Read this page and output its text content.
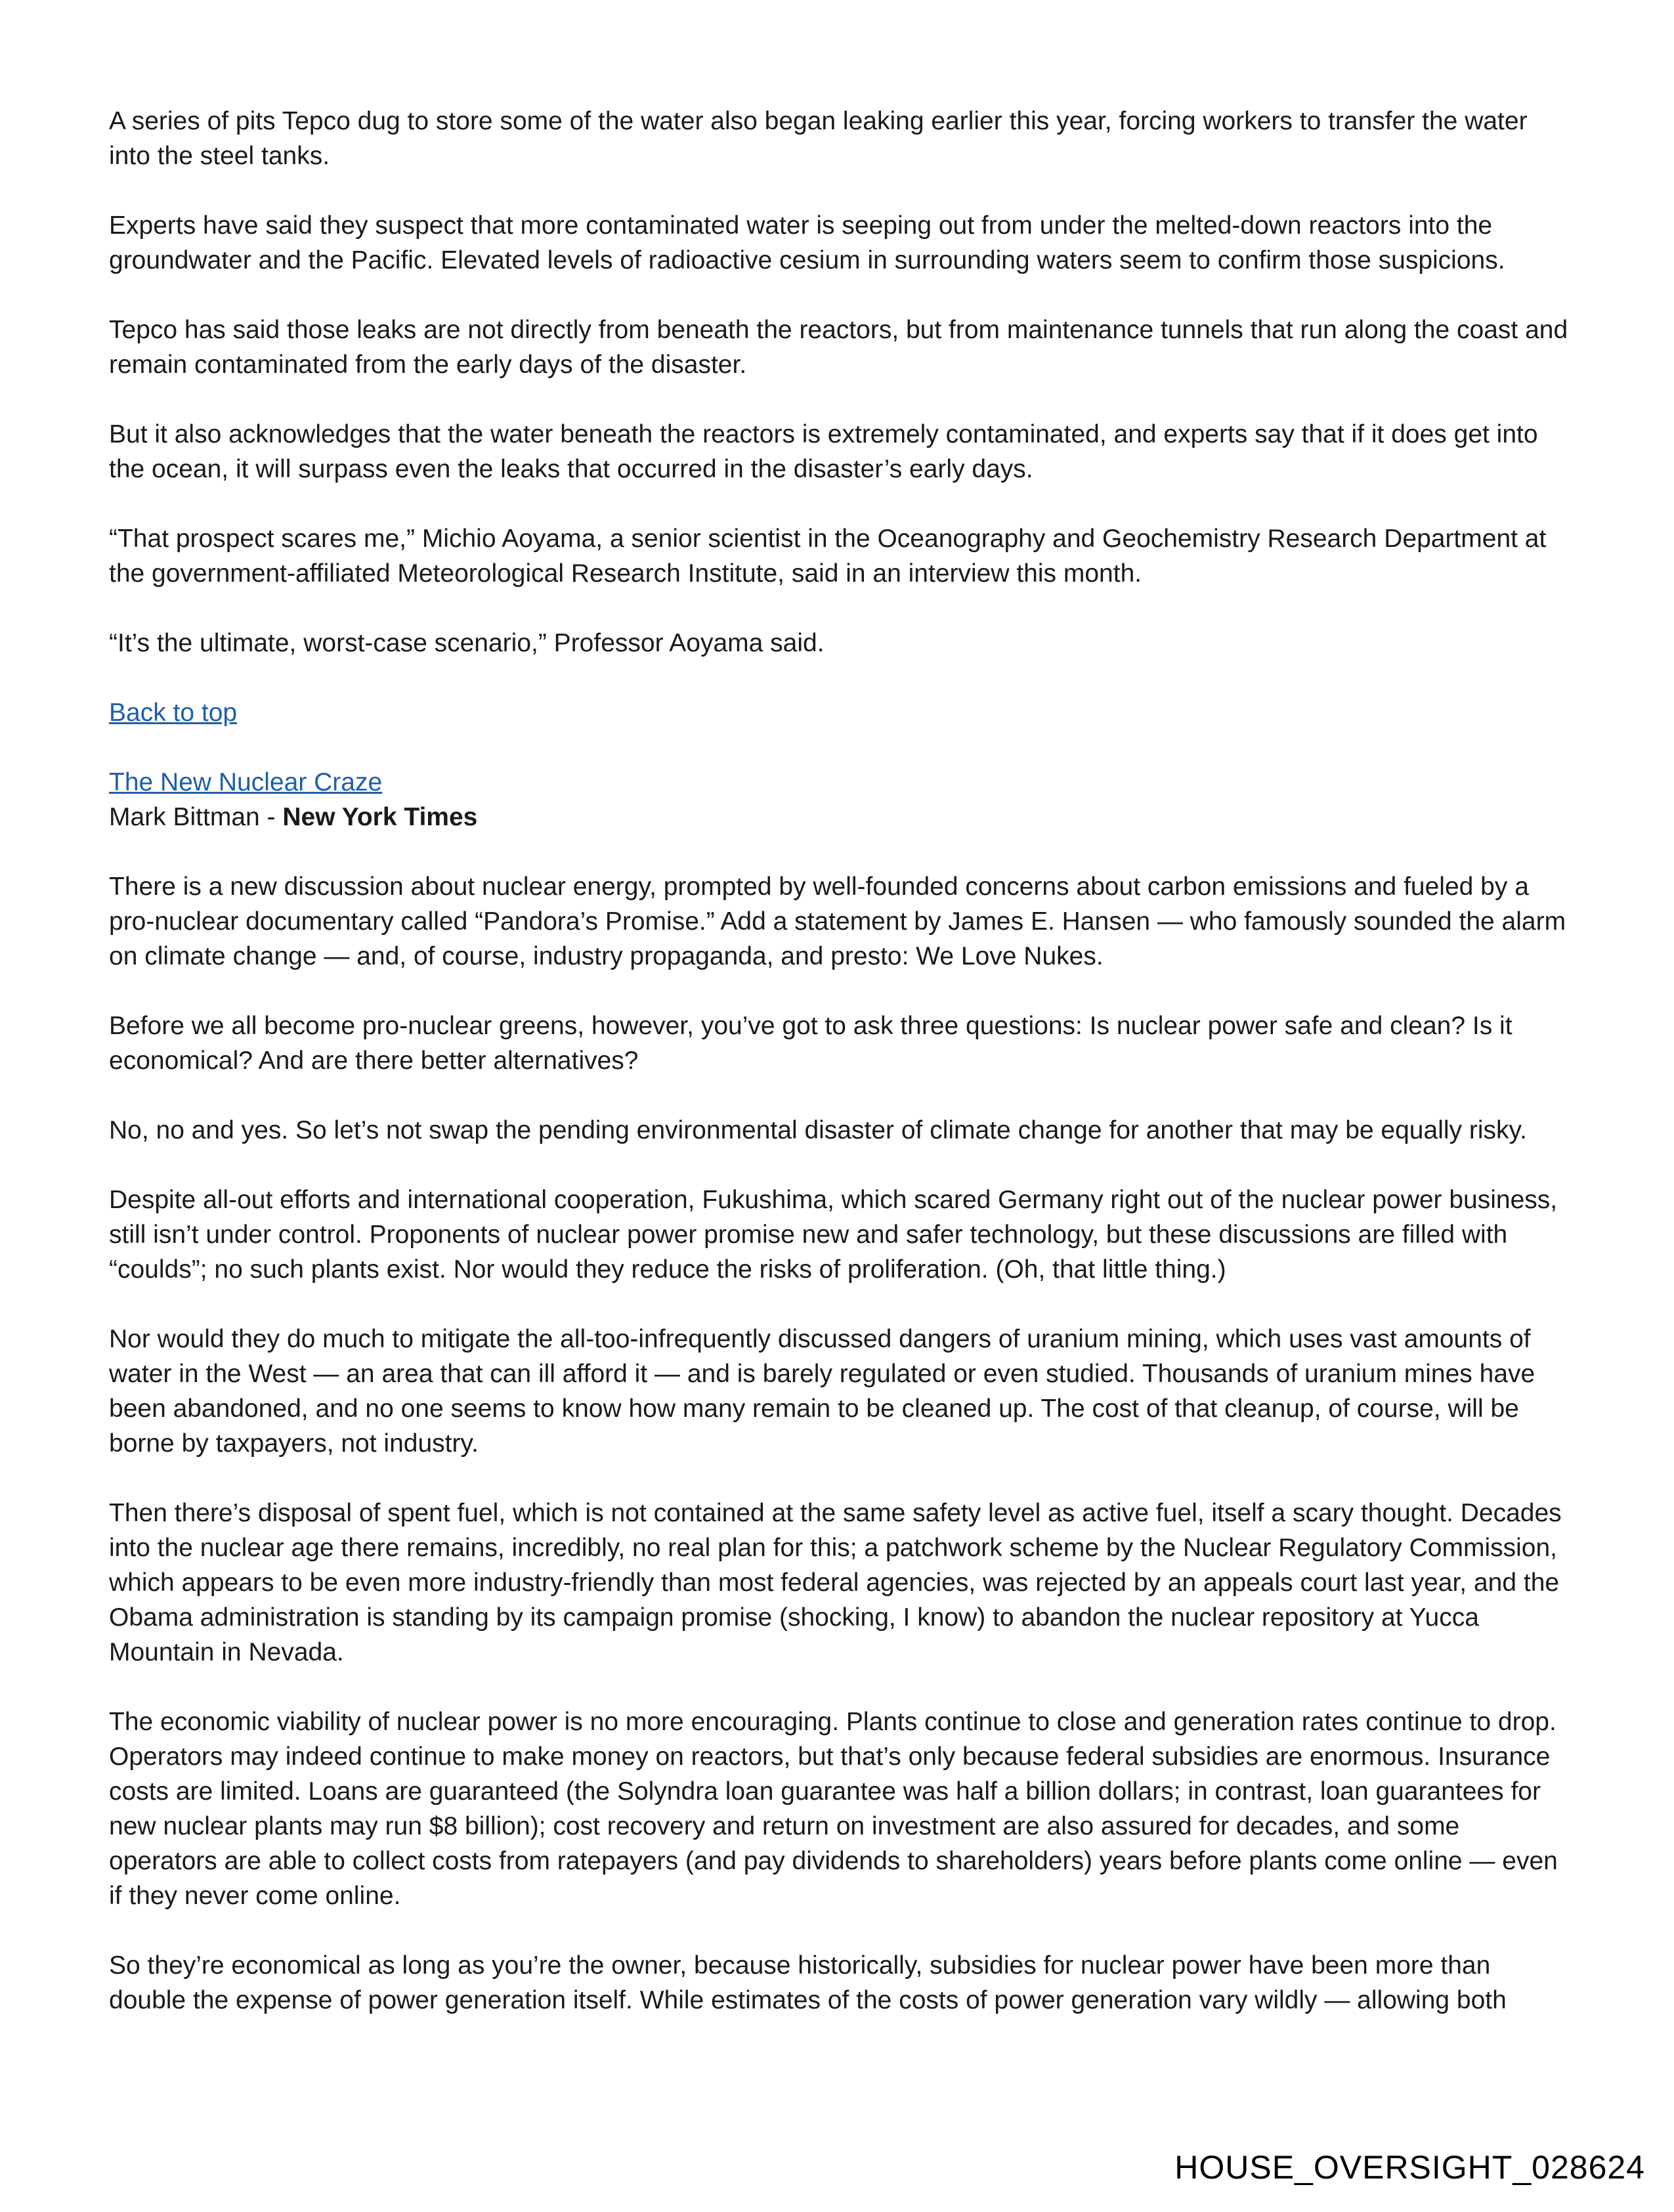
A series of pits Tepco dug to store some of the water also began leaking earlier this year, forcing workers to transfer the water into the steel tanks.

Experts have said they suspect that more contaminated water is seeping out from under the melted-down reactors into the groundwater and the Pacific. Elevated levels of radioactive cesium in surrounding waters seem to confirm those suspicions.

Tepco has said those leaks are not directly from beneath the reactors, but from maintenance tunnels that run along the coast and remain contaminated from the early days of the disaster.

But it also acknowledges that the water beneath the reactors is extremely contaminated, and experts say that if it does get into the ocean, it will surpass even the leaks that occurred in the disaster’s early days.

“That prospect scares me,” Michio Aoyama, a senior scientist in the Oceanography and Geochemistry Research Department at the government-affiliated Meteorological Research Institute, said in an interview this month.

“It’s the ultimate, worst-case scenario,” Professor Aoyama said.

Back to top

The New Nuclear Craze
Mark Bittman - New York Times

There is a new discussion about nuclear energy, prompted by well-founded concerns about carbon emissions and fueled by a pro-nuclear documentary called “Pandora’s Promise.” Add a statement by James E. Hansen — who famously sounded the alarm on climate change — and, of course, industry propaganda, and presto: We Love Nukes.

Before we all become pro-nuclear greens, however, you’ve got to ask three questions: Is nuclear power safe and clean? Is it economical? And are there better alternatives?

No, no and yes. So let’s not swap the pending environmental disaster of climate change for another that may be equally risky.

Despite all-out efforts and international cooperation, Fukushima, which scared Germany right out of the nuclear power business, still isn’t under control. Proponents of nuclear power promise new and safer technology, but these discussions are filled with “coulds”; no such plants exist. Nor would they reduce the risks of proliferation. (Oh, that little thing.)

Nor would they do much to mitigate the all-too-infrequently discussed dangers of uranium mining, which uses vast amounts of water in the West — an area that can ill afford it — and is barely regulated or even studied. Thousands of uranium mines have been abandoned, and no one seems to know how many remain to be cleaned up. The cost of that cleanup, of course, will be borne by taxpayers, not industry.

Then there’s disposal of spent fuel, which is not contained at the same safety level as active fuel, itself a scary thought. Decades into the nuclear age there remains, incredibly, no real plan for this; a patchwork scheme by the Nuclear Regulatory Commission, which appears to be even more industry-friendly than most federal agencies, was rejected by an appeals court last year, and the Obama administration is standing by its campaign promise (shocking, I know) to abandon the nuclear repository at Yucca Mountain in Nevada.

The economic viability of nuclear power is no more encouraging. Plants continue to close and generation rates continue to drop. Operators may indeed continue to make money on reactors, but that’s only because federal subsidies are enormous. Insurance costs are limited. Loans are guaranteed (the Solyndra loan guarantee was half a billion dollars; in contrast, loan guarantees for new nuclear plants may run $8 billion); cost recovery and return on investment are also assured for decades, and some operators are able to collect costs from ratepayers (and pay dividends to shareholders) years before plants come online — even if they never come online.

So they’re economical as long as you’re the owner, because historically, subsidies for nuclear power have been more than double the expense of power generation itself. While estimates of the costs of power generation vary wildly — allowing both

HOUSE_OVERSIGHT_028624
